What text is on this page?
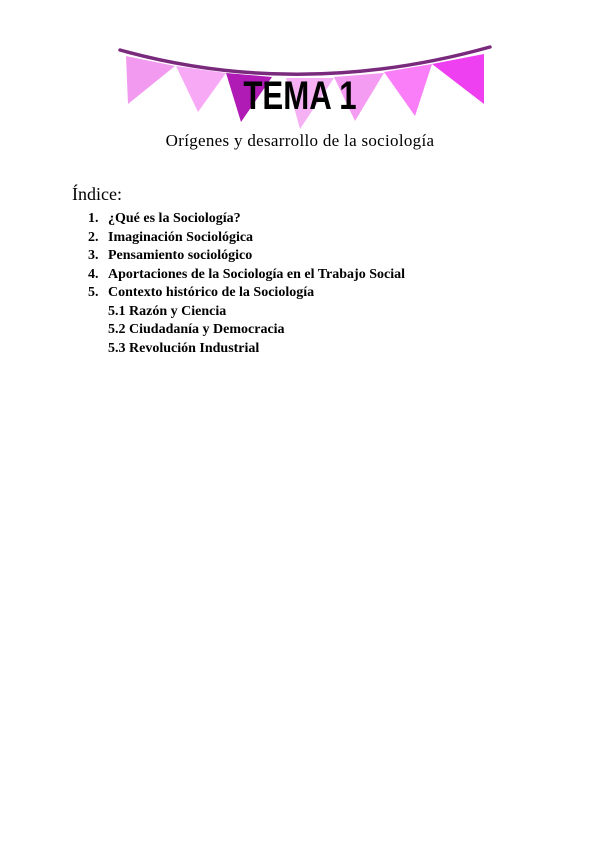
TEMA 1
Orígenes y desarrollo de la sociología
Índice:
1. ¿Qué es la Sociología?
2. Imaginación Sociológica
3. Pensamiento sociológico
4. Aportaciones de la Sociología en el Trabajo Social
5. Contexto histórico de la Sociología
5.1 Razón y Ciencia
5.2 Ciudadanía y Democracia
5.3 Revolución Industrial
